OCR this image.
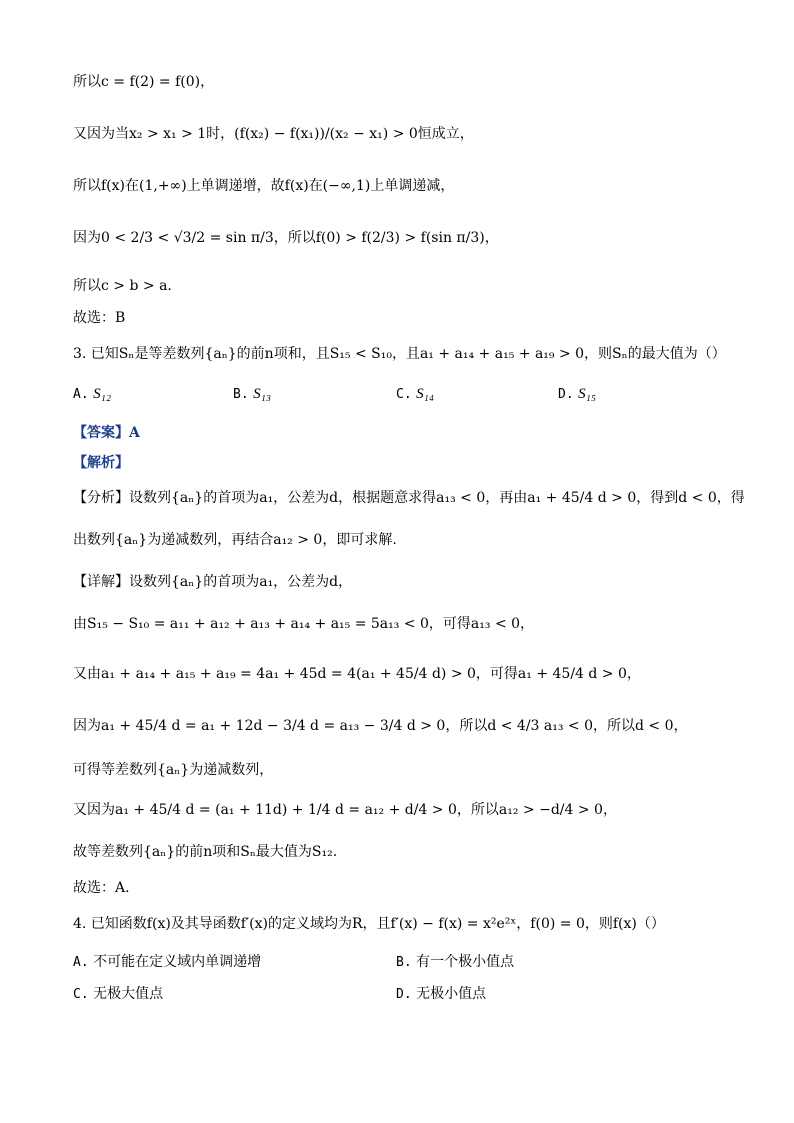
所以c = f(2) = f(0)，
又因为当x₂ > x₁ > 1时，(f(x₂) − f(x₁))/(x₂ − x₁) > 0恒成立，
所以f(x)在(1,+∞)上单调递增，故f(x)在(−∞,1)上单调递减，
因为0 < 2/3 < √3/2 = sin π/3，所以f(0) > f(2/3) > f(sin π/3)，
所以c > b > a.
故选：B
3. 已知Sₙ是等差数列{aₙ}的前n项和，且S₁₅ < S₁₀，且a₁ + a₁₄ + a₁₅ + a₁₉ > 0，则Sₙ的最大值为（）
A. S₁₂	B. S₁₃	C. S₁₄	D. S₁₅
【答案】A
【解析】
【分析】设数列{aₙ}的首项为a₁，公差为d，根据题意求得a₁₃ < 0，再由a₁ + 45/4 d > 0，得到d < 0，得
出数列{aₙ}为递减数列，再结合a₁₂ > 0，即可求解.
【详解】设数列{aₙ}的首项为a₁，公差为d，
由S₁₅ − S₁₀ = a₁₁ + a₁₂ + a₁₃ + a₁₄ + a₁₅ = 5a₁₃ < 0，可得a₁₃ < 0，
又由a₁ + a₁₄ + a₁₅ + a₁₉ = 4a₁ + 45d = 4(a₁ + 45/4 d) > 0，可得a₁ + 45/4 d > 0，
因为a₁ + 45/4 d = a₁ + 12d − 3/4 d = a₁₃ − 3/4 d > 0，所以d < 4/3 a₁₃ < 0，所以d < 0，
可得等差数列{aₙ}为递减数列，
又因为a₁ + 45/4 d = (a₁ + 11d) + 1/4 d = a₁₂ + d/4 > 0，所以a₁₂ > −d/4 > 0，
故等差数列{aₙ}的前n项和Sₙ最大值为S₁₂.
故选：A.
4. 已知函数f(x)及其导函数f′(x)的定义域均为R，且f′(x) − f(x) = x²e²ˣ，f(0) = 0，则f(x)（）
A. 不可能在定义域内单调递增	B. 有一个极小值点
C. 无极大值点	D. 无极小值点
